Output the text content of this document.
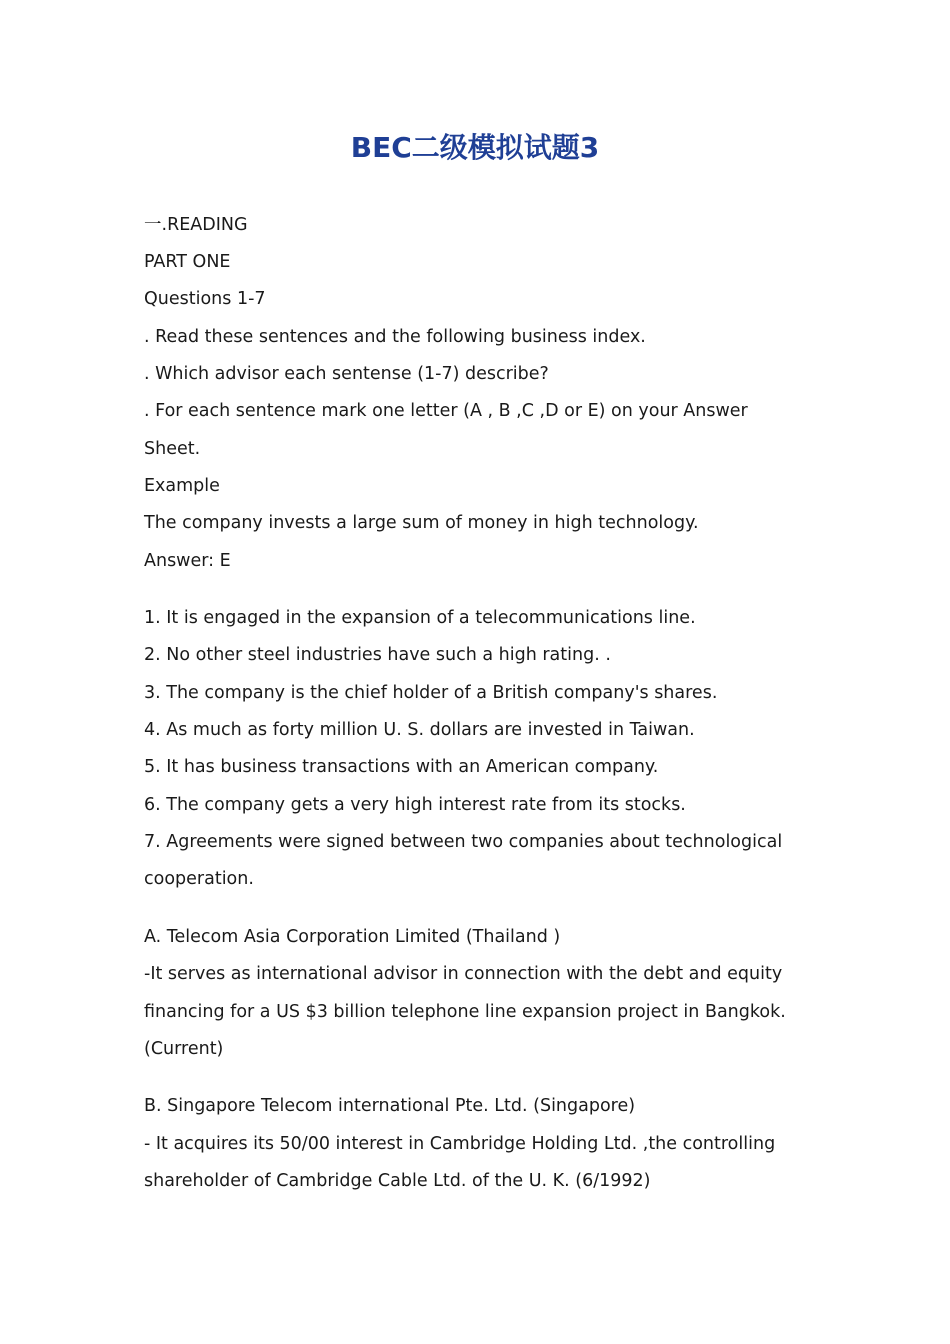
BEC二级模拟试题3

一.READING

PART ONE

Questions 1-7

. Read these sentences and the following business index.

. Which advisor each sentense (1-7) describe?

. For each sentence mark one letter (A , B ,C ,D or E) on your Answer

Sheet.

Example

The company invests a large sum of money in high technology.

Answer: E

1. It is engaged in the expansion of a telecommunications line.

2. No other steel industries have such a high rating. .

3. The company is the chief holder of a British company's shares.

4. As much as forty million U. S. dollars are invested in Taiwan.

5. It has business transactions with an American company.

6. The company gets a very high interest rate from its stocks.

7. Agreements were signed between two companies about technological

cooperation.

A. Telecom Asia Corporation Limited (Thailand )

-It serves as international advisor in connection with the debt and equity

financing for a US $3 billion telephone line expansion project in Bangkok.

(Current)

B. Singapore Telecom international Pte. Ltd. (Singapore)

- It acquires its 50/00 interest in Cambridge Holding Ltd. ,the controlling

shareholder of Cambridge Cable Ltd. of the U. K. (6/1992)
